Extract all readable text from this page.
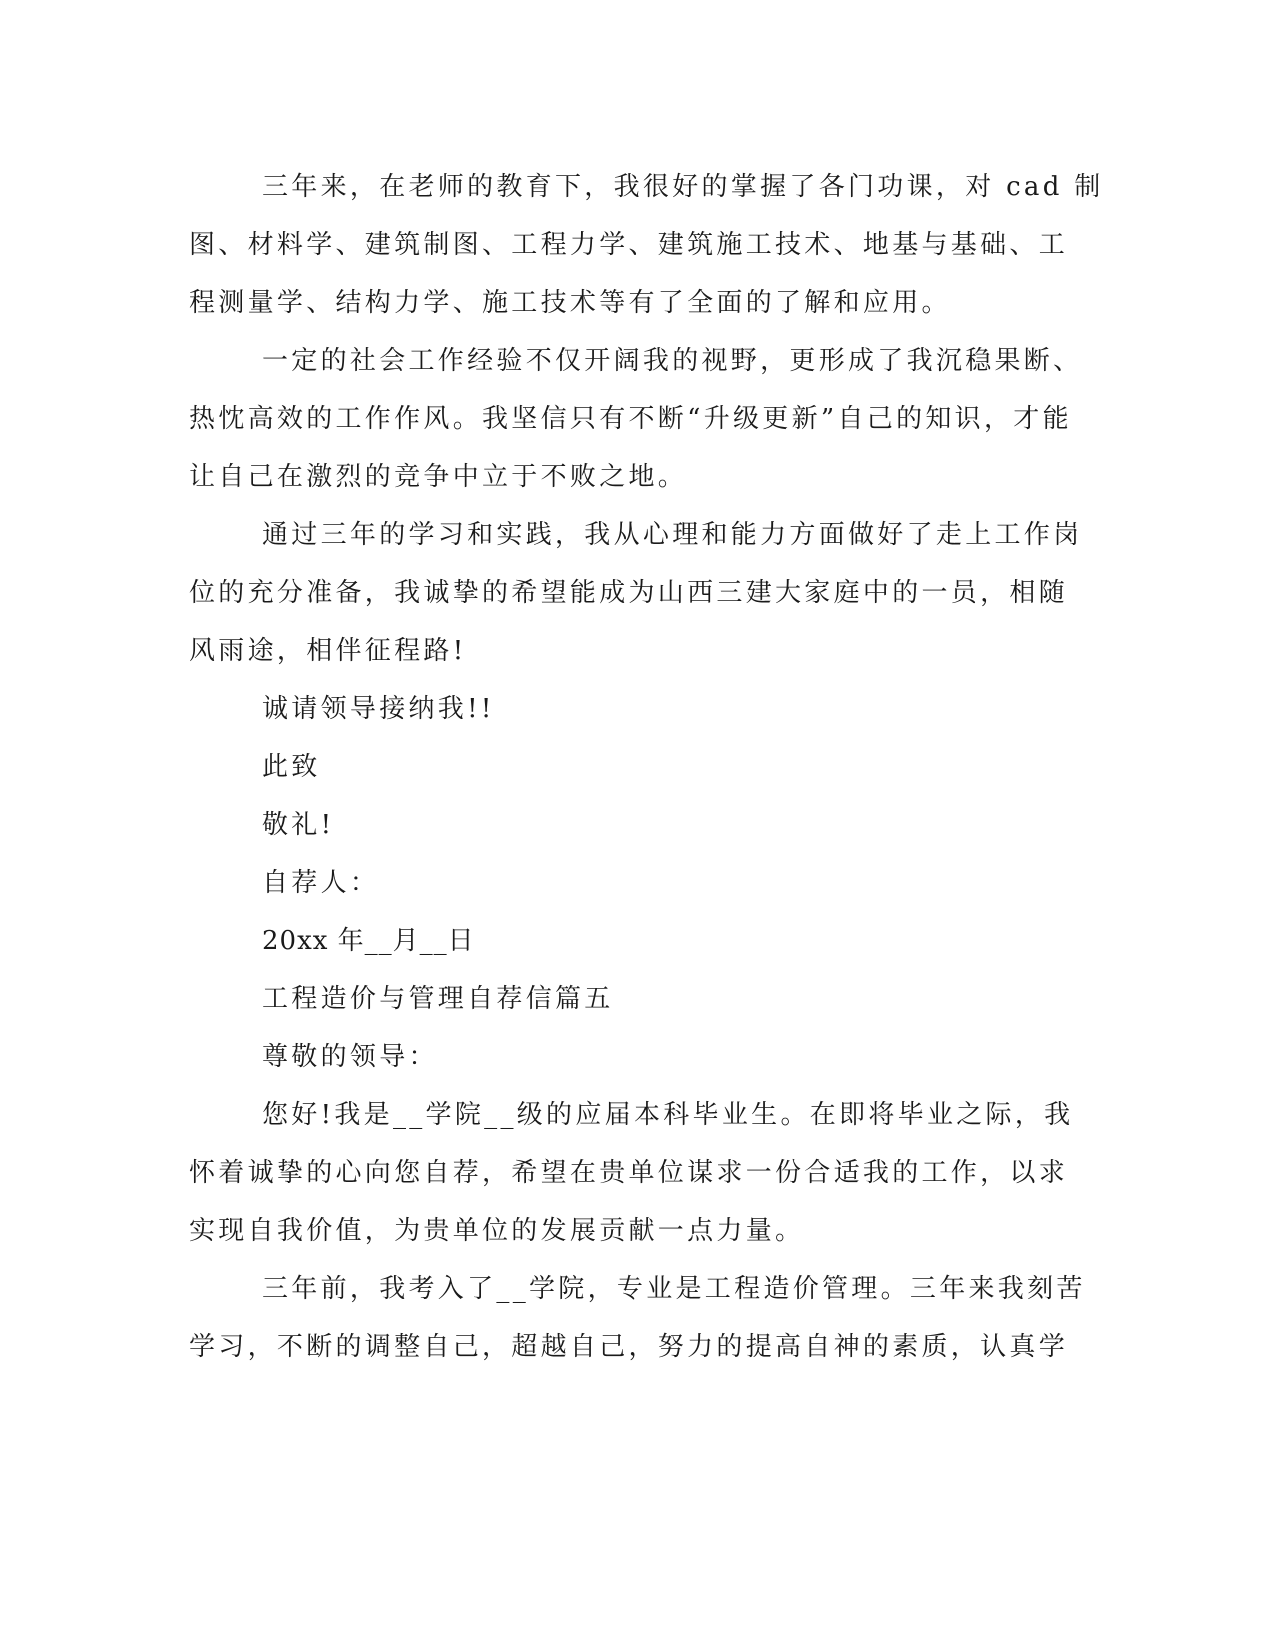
三年来，在老师的教育下，我很好的掌握了各门功课，对 cad 制

图、材料学、建筑制图、工程力学、建筑施工技术、地基与基础、工

程测量学、结构力学、施工技术等有了全面的了解和应用。

一定的社会工作经验不仅开阔我的视野，更形成了我沉稳果断、

热忱高效的工作作风。我坚信只有不断“升级更新”自己的知识，才能

让自己在激烈的竞争中立于不败之地。

通过三年的学习和实践，我从心理和能力方面做好了走上工作岗

位的充分准备，我诚挚的希望能成为山西三建大家庭中的一员，相随

风雨途，相伴征程路!

诚请领导接纳我!!

此致

敬礼!

自荐人：

20xx 年__月__日

工程造价与管理自荐信篇五

尊敬的领导：

您好!我是__学院__级的应届本科毕业生。在即将毕业之际，我

怀着诚挚的心向您自荐，希望在贵单位谋求一份合适我的工作，以求

实现自我价值，为贵单位的发展贡献一点力量。

三年前，我考入了__学院，专业是工程造价管理。三年来我刻苦

学习，不断的调整自己，超越自己，努力的提高自神的素质，认真学
